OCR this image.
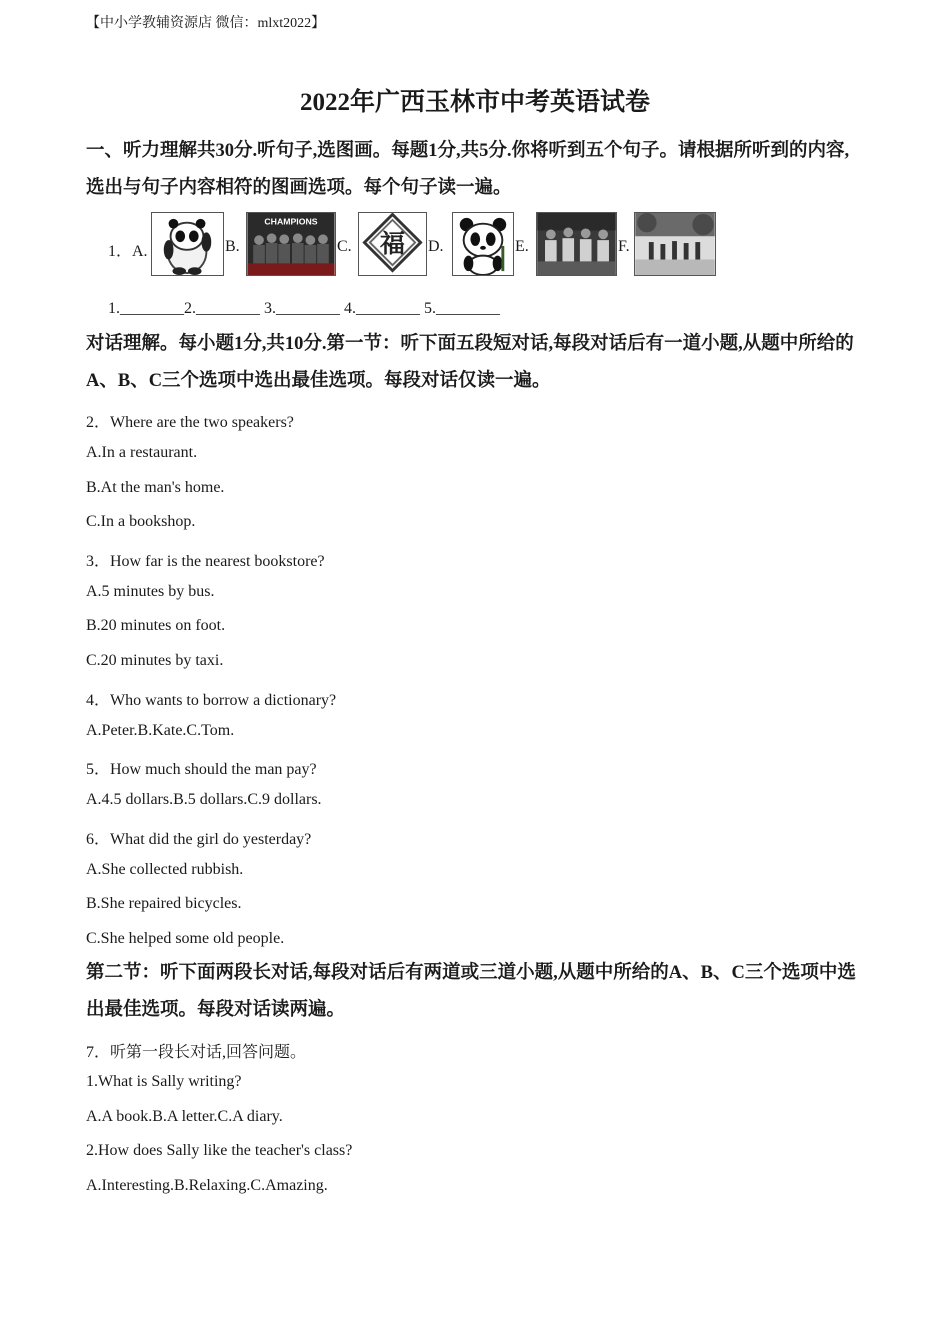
【中小学教辅资源店 微信：mlxt2022】
2022年广西玉林市中考英语试卷
一、听力理解共30分.听句子,选图画。每题1分,共5分.你将听到五个句子。请根据所听到的内容,选出与句子内容相符的图画选项。每个句子读一遍。
1．A.	B.
CHAMPIONS
C. 福 D.	E.	F.
1.________2.________ 3.________ 4.________ 5.________
对话理解。每小题1分,共10分.第一节：听下面五段短对话,每段对话后有一道小题,从题中所给的A、B、C三个选项中选出最佳选项。每段对话仅读一遍。
2．Where are the two speakers?
A.In a restaurant.
B.At the man's home.
C.In a bookshop.
3．How far is the nearest bookstore?
A.5 minutes by bus.
B.20 minutes on foot.
C.20 minutes by taxi.
4．Who wants to borrow a dictionary?
A.Peter.B.Kate.C.Tom.
5．How much should the man pay?
A.4.5 dollars.B.5 dollars.C.9 dollars.
6．What did the girl do yesterday?
A.She collected rubbish.
B.She repaired bicycles.
C.She helped some old people.
第二节：听下面两段长对话,每段对话后有两道或三道小题,从题中所给的A、B、C三个选项中选出最佳选项。每段对话读两遍。
7．听第一段长对话,回答问题。
1.What is Sally writing?
A.A book.B.A letter.C.A diary.
2.How does Sally like the teacher's class?
A.Interesting.B.Relaxing.C.Amazing.
